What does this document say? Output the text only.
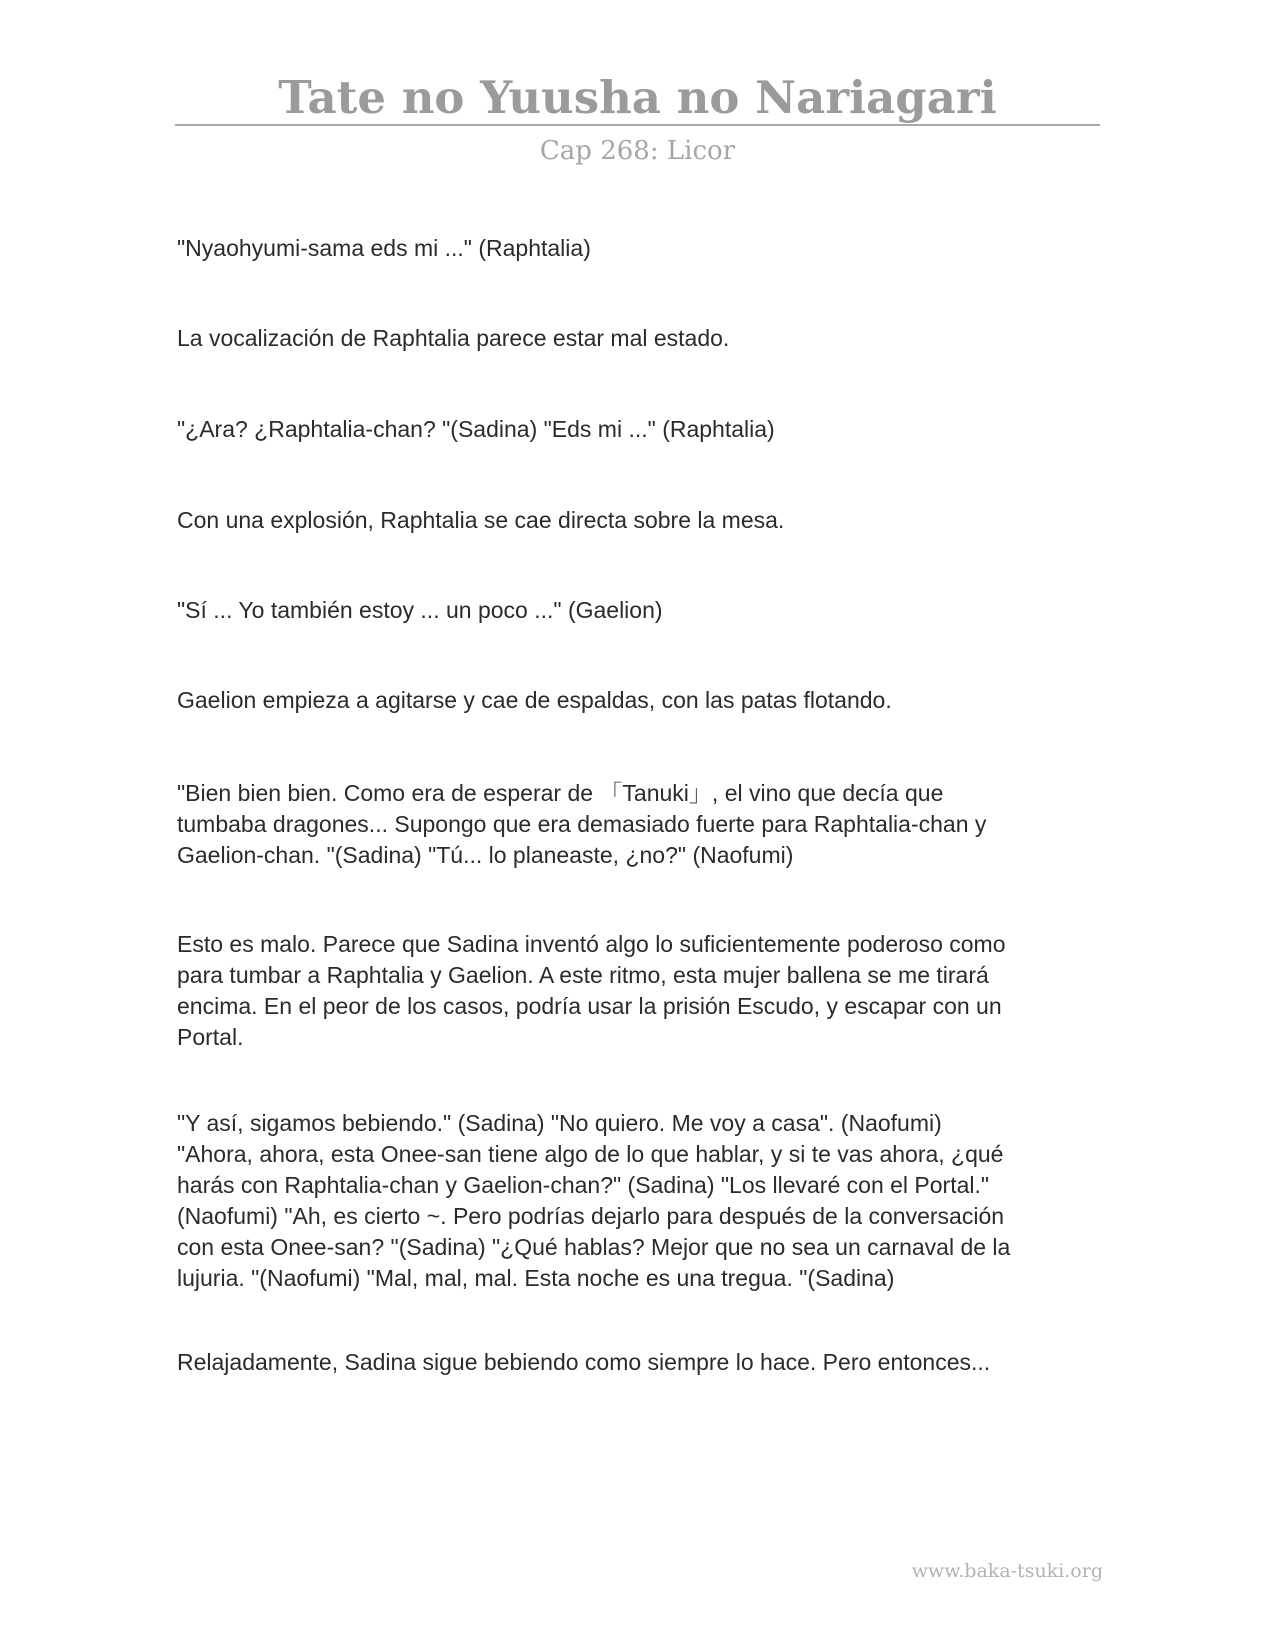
Tate no Yuusha no Nariagari
Cap 268: Licor

"Nyaohyumi-sama eds mi ..." (Raphtalia)

La vocalización de Raphtalia parece estar mal estado.

"¿Ara? ¿Raphtalia-chan? "(Sadina) "Eds mi ..." (Raphtalia)

Con una explosión, Raphtalia se cae directa sobre la mesa.

"Sí ... Yo también estoy ... un poco ..." (Gaelion)

Gaelion empieza a agitarse y cae de espaldas, con las patas flotando.

"Bien bien bien. Como era de esperar de 「Tanuki」, el vino que decía que
tumbaba dragones... Supongo que era demasiado fuerte para Raphtalia-chan y
Gaelion-chan. "(Sadina) "Tú... lo planeaste, ¿no?" (Naofumi)

Esto es malo. Parece que Sadina inventó algo lo suficientemente poderoso como
para tumbar a Raphtalia y Gaelion. A este ritmo, esta mujer ballena se me tirará
encima. En el peor de los casos, podría usar la prisión Escudo, y escapar con un
Portal.

"Y así, sigamos bebiendo." (Sadina) "No quiero. Me voy a casa". (Naofumi)
"Ahora, ahora, esta Onee-san tiene algo de lo que hablar, y si te vas ahora, ¿qué
harás con Raphtalia-chan y Gaelion-chan?" (Sadina) "Los llevaré con el Portal."
(Naofumi) "Ah, es cierto ~. Pero podrías dejarlo para después de la conversación
con esta Onee-san? "(Sadina) "¿Qué hablas? Mejor que no sea un carnaval de la
lujuria. "(Naofumi) "Mal, mal, mal. Esta noche es una tregua. "(Sadina)

Relajadamente, Sadina sigue bebiendo como siempre lo hace. Pero entonces...

www.baka-tsuki.org
